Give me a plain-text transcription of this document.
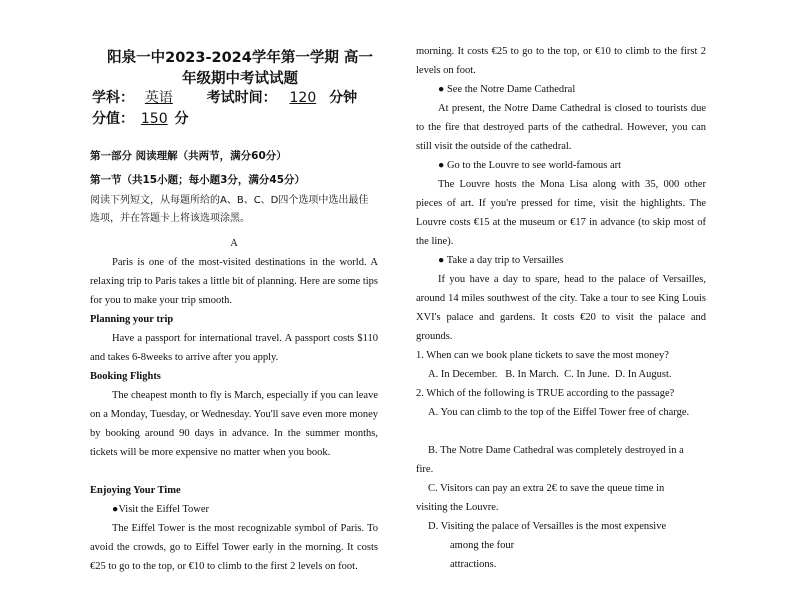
阳泉一中2023-2024学年第一学期 高一年级期中考试试题
学科： 英语 考试时间： 120 分钟  分值： 150 分
第一部分 阅读理解（共两节，满分60分）
第一节（共15小题；每小题3分，满分45分）
阅读下列短文，从每题所给的A、B、C、D四个选项中选出最佳选项，并在答题卡上将该选项涂黑。

A

Paris is one of the most-visited destinations in the world. A relaxing trip to Paris takes a little bit of planning. Here are some tips for you to make your trip smooth.

Planning your trip

Have a passport for international travel. A passport costs $110 and takes 6-8weeks to arrive after you apply.

Booking Flights

The cheapest month to fly is March, especially if you can leave on a Monday, Tuesday, or Wednesday. You'll save even more money by booking around 90 days in advance. In the summer months, tickets will be more expensive no matter when you book.

Enjoying Your Time

●Visit the Eiffel Tower

The Eiffel Tower is the most recognizable symbol of Paris. To avoid the crowds, go to Eiffel Tower early in the morning. It costs €25 to go to the top, or €10 to climb to the first 2 levels on foot.

morning. It costs €25 to go to the top, or €10 to climb to the first 2 levels on foot.

● See the Notre Dame Cathedral

At present, the Notre Dame Cathedral is closed to tourists due to the fire that destroyed parts of the cathedral. However, you can still visit the outside of the cathedral.

● Go to the Louvre to see world-famous art

The Louvre hosts the Mona Lisa along with 35, 000 other pieces of art. If you're pressed for time, visit the highlights. The Louvre costs €15 at the museum or €17 in advance (to skip most of the line).

● Take a day trip to Versailles

If you have a day to spare, head to the palace of Versailles, around 14 miles southwest of the city. Take a tour to see King Louis XVI's palace and gardens. It costs €20 to visit the palace and grounds.

1. When can we book plane tickets to save the most money?

A. In December.   B. In March.  C. In June.  D. In August.

2. Which of the following is TRUE according to the passage?

A. You can climb to the top of the Eiffel Tower free of charge.

B. The Notre Dame Cathedral was completely destroyed in a fire.

C. Visitors can pay an extra 2€ to save the queue time in visiting the Louvre.

D. Visiting the palace of Versailles is the most expensive

among the four

attractions.
